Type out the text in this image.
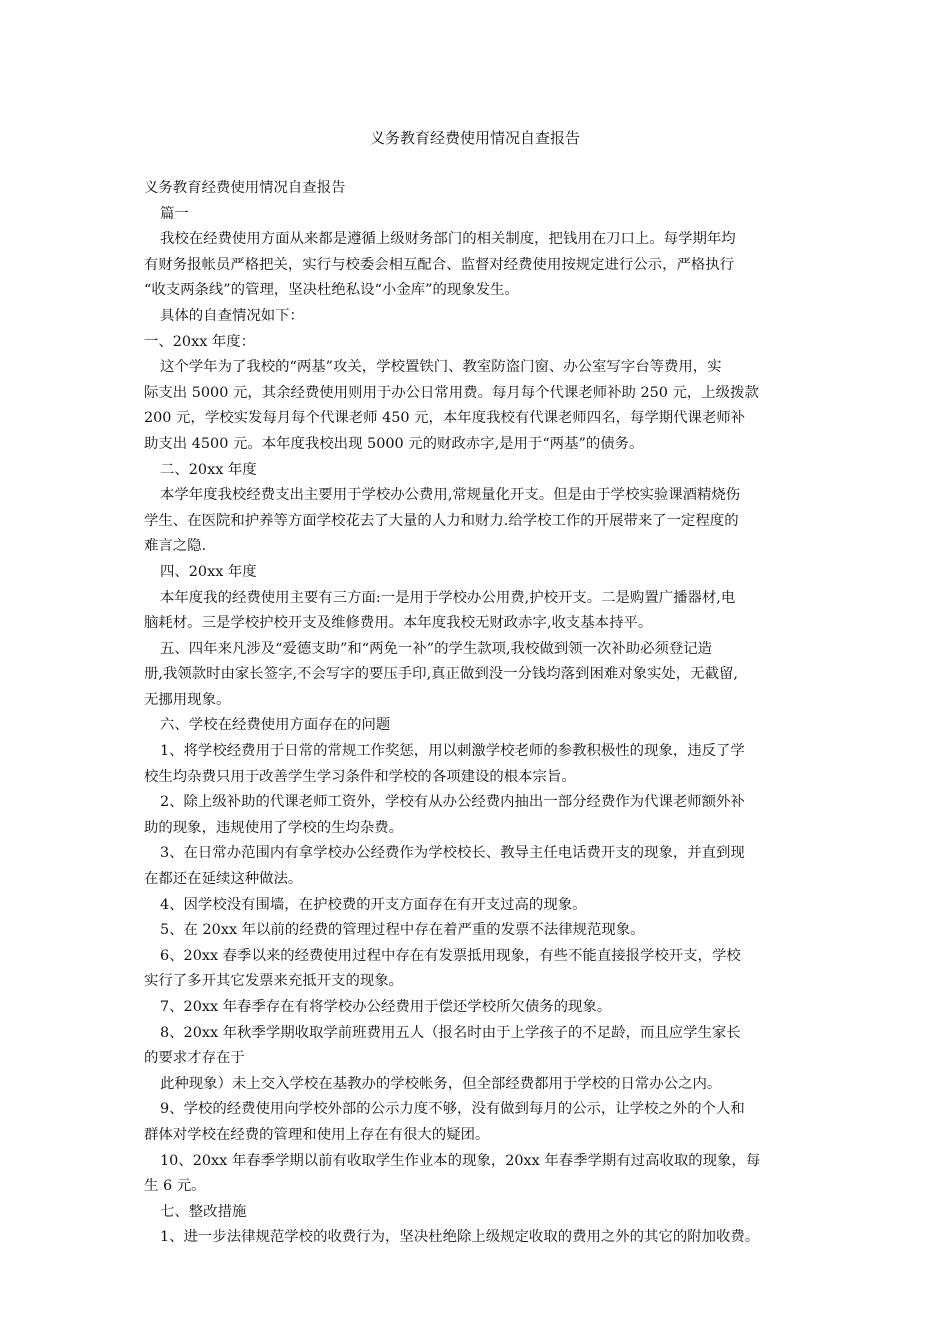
义务教育经费使用情况自查报告

义务教育经费使用情况自查报告

篇一

我校在经费使用方面从来都是遵循上级财务部门的相关制度，把钱用在刀口上。每学期年均

有财务报帐员严格把关，实行与校委会相互配合、监督对经费使用按规定进行公示，严格执行

“收支两条线”的管理，坚决杜绝私设“小金库”的现象发生。

具体的自查情况如下：

一、20xx 年度：

这个学年为了我校的“两基”攻关，学校置铁门、教室防盗门窗、办公室写字台等费用，实

际支出 5000 元，其余经费使用则用于办公日常用费。每月每个代课老师补助 250 元，上级拨款

200 元，学校实发每月每个代课老师 450 元，本年度我校有代课老师四名，每学期代课老师补

助支出 4500 元。本年度我校出现 5000 元的财政赤字,是用于“两基”的债务。

二、20xx 年度

本学年度我校经费支出主要用于学校办公费用,常规量化开支。但是由于学校实验课酒精烧伤

学生、在医院和护养等方面学校花去了大量的人力和财力.给学校工作的开展带来了一定程度的

难言之隐.

四、20xx 年度

本年度我的经费使用主要有三方面:一是用于学校办公用费,护校开支。二是购置广播器材,电

脑耗材。三是学校护校开支及维修费用。本年度我校无财政赤字,收支基本持平。

五、四年来凡涉及“爱德支助”和“两免一补”的学生款项,我校做到领一次补助必须登记造

册,我领款时由家长签字,不会写字的要压手印,真正做到没一分钱均落到困难对象实处，无截留,

无挪用现象。

六、学校在经费使用方面存在的问题

1、将学校经费用于日常的常规工作奖惩，用以刺激学校老师的参教积极性的现象，违反了学

校生均杂费只用于改善学生学习条件和学校的各项建设的根本宗旨。

2、除上级补助的代课老师工资外，学校有从办公经费内抽出一部分经费作为代课老师额外补

助的现象，违规使用了学校的生均杂费。

3、在日常办范围内有拿学校办公经费作为学校校长、教导主任电话费开支的现象，并直到现

在都还在延续这种做法。

4、因学校没有围墙，在护校费的开支方面存在有开支过高的现象。

5、在 20xx 年以前的经费的管理过程中存在着严重的发票不法律规范现象。

6、20xx 春季以来的经费使用过程中存在有发票抵用现象，有些不能直接报学校开支，学校

实行了多开其它发票来充抵开支的现象。

7、20xx 年春季存在有将学校办公经费用于偿还学校所欠债务的现象。

8、20xx 年秋季学期收取学前班费用五人（报名时由于上学孩子的不足龄，而且应学生家长

的要求才存在于

此种现象）未上交入学校在基教办的学校帐务，但全部经费都用于学校的日常办公之内。

9、学校的经费使用向学校外部的公示力度不够，没有做到每月的公示，让学校之外的个人和

群体对学校在经费的管理和使用上存在有很大的疑团。

10、20xx 年春季学期以前有收取学生作业本的现象，20xx 年春季学期有过高收取的现象，每

生 6 元。

七、整改措施

1、进一步法律规范学校的收费行为，坚决杜绝除上级规定收取的费用之外的其它的附加收费。
